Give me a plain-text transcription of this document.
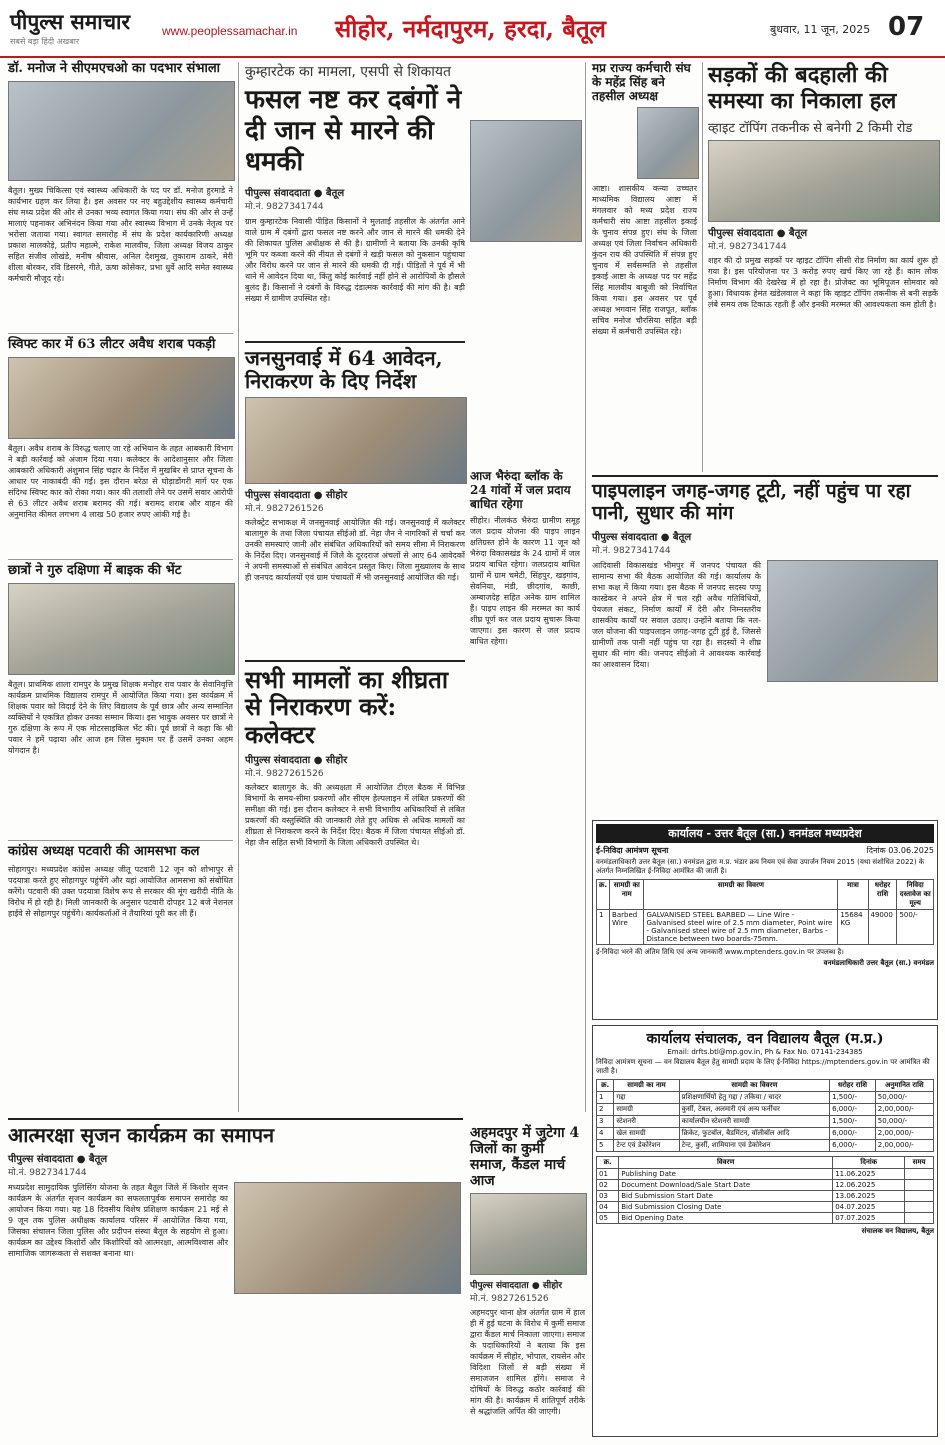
पीपुल्स समाचार
सबसे बड़ा हिंदी अखबार
www.peoplessamachar.in सीहोर, नर्मदापुरम, हरदा, बैतूल	बुधवार, 11 जून, 2025 07
डॉ. मनोज ने सीएमएचओ का पदभार संभाला
बैतूल। मुख्य चिकित्सा एवं स्वास्थ्य अधिकारी के पद पर डॉ. मनोज हुरमाडे ने कार्यभार ग्रहण कर लिया है। इस अवसर पर नए बहुउद्देशीय स्वास्थ्य कर्मचारी संघ मध्य प्रदेश की ओर से उनका भव्य स्वागत किया गया। संघ की ओर से उन्हें मालाएं पहनाकर अभिनंदन किया गया और स्वास्थ्य विभाग में उनके नेतृत्व पर भरोसा जताया गया। स्वागत समारोह में संघ के प्रदेश कार्यकारिणी अध्यक्ष प्रकाश मालकोड़े, प्रतीप महात्मे, राकेश मालवीय, जिला अध्यक्ष विजय ठाकुर सहित संजीव लोखंडे, मनीष श्रीवास, अनिल देशमुख, तुकाराम ठाकरे, मेरी शीला बोरकर, रवि डिसरमे, गीते, ऊषा कोसेकर, प्रभा धुर्वे आदि समेत स्वास्थ्य कर्मचारी मौजूद रहे।
स्विफ्ट कार में 63 लीटर अवैध शराब पकड़ी
बैतूल। अवैध शराब के विरुद्ध चलाए जा रहे अभियान के तहत आबकारी विभाग ने बड़ी कार्रवाई को अंजाम दिया गया। कलेक्टर के आदेशानुसार और जिला आबकारी अधिकारी अंशुमान सिंह चढ़ार के निर्देश में मुखबिर से प्राप्त सूचना के आधार पर नाकाबंदी की गई। इस दौरान बरेठा से घोड़ाडोंगरी मार्ग पर एक संदिग्ध स्विफ्ट कार को रोका गया। कार की तलाशी लेने पर उसमें सवार आरोपी से 63 लीटर अवैध शराब बरामद की गई। बरामद शराब और वाहन की अनुमानित कीमत लगभग 4 लाख 50 हजार रुपए आंकी गई है।
छात्रों ने गुरु दक्षिणा में बाइक की भेंट
बैतूल। प्राथमिक शाला रामपुर के प्रमुख शिक्षक मनोहर राव पवार के सेवानिवृत्ति कार्यक्रम प्राथमिक विद्यालय रामपुर में आयोजित किया गया। इस कार्यक्रम में शिक्षक पवार को विदाई देने के लिए विद्यालय के पूर्व छात्र और अन्य सम्मानित व्यक्तियों ने एकत्रित होकर उनका सम्मान किया। इस भावुक अवसर पर छात्रों ने गुरु दक्षिणा के रूप में एक मोटरसाइकिल भेंट की। पूर्व छात्रों ने कहा कि श्री पवार ने हमें पढ़ाया और आज हम जिस मुकाम पर हैं उसमें उनका अहम योगदान है।
कांग्रेस अध्यक्ष पटवारी की आमसभा कल
सोहागपुर। मध्यप्रदेश कांग्रेस अध्यक्ष जीतू पटवारी 12 जून को शोभापुर से पदयात्रा करते हुए सोहागपुर पहुंचेंगे और यहां आयोजित आमसभा को संबोधित करेंगे। पटवारी की उक्त पदयात्रा विशेष रूप से सरकार की मूंग खरीदी नीति के विरोध में हो रही है। मिली जानकारी के अनुसार पटवारी दोपहर 12 बजे नेशनल हाईवे से सोहागपुर पहुंचेंगे। कार्यकर्ताओं ने तैयारियां पूरी कर ली हैं।
कुम्हारटेक का मामला, एसपी से शिकायत
फसल नष्ट कर दबंगों ने दी जान से मारने की धमकी
पीपुल्स संवाददाता ● बैतूल
मो.नं. 9827341744
ग्राम कुम्हारटेक निवासी पीड़ित किसानों ने मुलताई तहसील के अंतर्गत आने वाले ग्राम में दबंगों द्वारा फसल नष्ट करने और जान से मारने की धमकी देने की शिकायत पुलिस अधीक्षक से की है। ग्रामीणों ने बताया कि उनकी कृषि भूमि पर कब्जा करने की नीयत से दबंगों ने खड़ी फसल को नुकसान पहुंचाया और विरोध करने पर जान से मारने की धमकी दी गई। पीड़ितों ने पूर्व में भी थाने में आवेदन दिया था, किंतु कोई कार्रवाई नहीं होने से आरोपियों के हौसले बुलंद हैं। किसानों ने दबंगों के विरुद्ध दंडात्मक कार्रवाई की मांग की है। बड़ी संख्या में ग्रामीण उपस्थित रहे।
जनसुनवाई में 64 आवेदन, निराकरण के दिए निर्देश
पीपुल्स संवाददाता ● सीहोर
मो.नं. 9827261526
कलेक्ट्रेट सभाकक्ष में जनसुनवाई आयोजित की गई। जनसुनवाई में कलेक्टर बालागुरु के तथा जिला पंचायत सीईओ डॉ. नेहा जैन ने नागरिकों से चर्चा कर उनकी समस्याएं जानी और संबंधित अधिकारियों को समय सीमा में निराकरण के निर्देश दिए। जनसुनवाई में जिले के दूरदराज अंचलों से आए 64 आवेदकों ने अपनी समस्याओं से संबंधित आवेदन प्रस्तुत किए। जिला मुख्यालय के साथ ही जनपद कार्यालयों एवं ग्राम पंचायतों में भी जनसुनवाई आयोजित की गई।
सभी मामलों का शीघ्रता से निराकरण करें: कलेक्टर
पीपुल्स संवाददाता ● सीहोर
मो.नं. 9827261526
कलेक्टर बालागुरु के. की अध्यक्षता में आयोजित टीएल बैठक में विभिन्न विभागों के समय-सीमा प्रकरणों और सीएम हेल्पलाइन में लंबित प्रकरणों की समीक्षा की गई। इस दौरान कलेक्टर ने सभी विभागीय अधिकारियों से लंबित प्रकरणों की वस्तुस्थिति की जानकारी लेते हुए अधिक से अधिक मामलों का शीघ्रता से निराकरण करने के निर्देश दिए। बैठक में जिला पंचायत सीईओ डॉ. नेहा जैन सहित सभी विभागों के जिला अधिकारी उपस्थित थे।
मप्र राज्य कर्मचारी संघ के महेंद्र सिंह बने तहसील अध्यक्ष
आष्टा। शासकीय कन्या उच्चतर माध्यमिक विद्यालय आष्टा में मंगलवार को मध्य प्रदेश राज्य कर्मचारी संघ आष्टा तहसील इकाई के चुनाव संपन्न हुए। संघ के जिला अध्यक्ष एवं जिला निर्वाचन अधिकारी कुंदन राय की उपस्थिति में संपन्न हुए चुनाव में सर्वसम्मति से तहसील इकाई आष्टा के अध्यक्ष पद पर महेंद्र सिंह मालवीय बाबूजी को निर्वाचित किया गया। इस अवसर पर पूर्व अध्यक्ष भगवान सिंह राजपूत, ब्लॉक सचिव मनोज चौरसिया सहित बड़ी संख्या में कर्मचारी उपस्थित रहे।
आज भैरुंदा ब्लॉक के 24 गांवों में जल प्रदाय बाधित रहेगा
सीहोर। नीलकंठ भैरुंदा ग्रामीण समूह जल प्रदाय योजना की पाइप लाइन क्षतिग्रस्त होने के कारण 11 जून को भैरुंदा विकासखंड के 24 ग्रामों में जल प्रदाय बाधित रहेगा। जलप्रदाय बाधित ग्रामों में ग्राम चमेटी, सिंहपुर, खड़गांव, सेवनिया, मंडी, छीदगांव, काछी, अम्बाजदेह सहित अनेक ग्राम शामिल हैं। पाइप लाइन की मरम्मत का कार्य शीघ्र पूर्ण कर जल प्रदाय सुचारू किया जाएगा। इस कारण से जल प्रदाय बाधित रहेगा।
अहमदपुर में जुटेगा 4 जिलों का कुर्मी समाज, कैंडल मार्च आज
पीपुल्स संवाददाता ● सीहोर
मो.नं. 9827261526
अहमदपुर थाना क्षेत्र अंतर्गत ग्राम में हाल ही में हुई घटना के विरोध में कुर्मी समाज द्वारा कैंडल मार्च निकाला जाएगा। समाज के पदाधिकारियों ने बताया कि इस कार्यक्रम में सीहोर, भोपाल, रायसेन और विदिशा जिलों से बड़ी संख्या में समाजजन शामिल होंगे। समाज ने दोषियों के विरुद्ध कठोर कार्रवाई की मांग की है। कार्यक्रम में शांतिपूर्ण तरीके से श्रद्धांजलि अर्पित की जाएगी।
आत्मरक्षा सृजन कार्यक्रम का समापन
पीपुल्स संवाददाता ● बैतूल
मो.नं. 9827341744
मध्यप्रदेश सामुदायिक पुलिसिंग योजना के तहत बैतूल जिले में किशोर सृजन कार्यक्रम के अंतर्गत सृजन कार्यक्रम का सफलतापूर्वक समापन समारोह का आयोजन किया गया। यह 18 दिवसीय विशेष प्रशिक्षण कार्यक्रम 21 मई से 9 जून तक पुलिस अधीक्षक कार्यालय परिसर में आयोजित किया गया, जिसका संचालन जिला पुलिस और प्रदीपन संस्था बैतूल के सहयोग से हुआ। कार्यक्रम का उद्देश्य किशोरों और किशोरियों को आत्मरक्षा, आत्मविश्वास और सामाजिक जागरूकता से सशक्त बनाना था।
सड़कों की बदहाली की समस्या का निकाला हल
व्हाइट टॉपिंग तकनीक से बनेगी 2 किमी रोड
पीपुल्स संवाददाता ● बैतूल
मो.नं. 9827341744
शहर की दो प्रमुख सड़कों पर व्हाइट टॉपिंग सीसी रोड निर्माण का कार्य शुरू हो गया है। इस परियोजना पर 3 करोड़ रुपए खर्च किए जा रहे हैं। काम लोक निर्माण विभाग की देखरेख में हो रहा है। प्रोजेक्ट का भूमिपूजन सोमवार को हुआ। विधायक हेमंत खंडेलवाल ने कहा कि व्हाइट टॉपिंग तकनीक से बनी सड़कें लंबे समय तक टिकाऊ रहती हैं और इनकी मरम्मत की आवश्यकता कम होती है।
पाइपलाइन जगह-जगह टूटी, नहीं पहुंच पा रहा पानी, सुधार की मांग
पीपुल्स संवाददाता ● बैतूल
मो.नं. 9827341744
आदिवासी विकासखंड भीमपुर में जनपद पंचायत की सामान्य सभा की बैठक आयोजित की गई। कार्यालय के सभा कक्ष में किया गया। इस बैठक में जनपद सदस्य पप्पू कास्डेकर ने अपने क्षेत्र में चल रही अवैध गतिविधियों, पेयजल संकट, निर्माण कार्यों में देरी और निम्नस्तरीय शासकीय कार्यों पर सवाल उठाए। उन्होंने बताया कि नल-जल योजना की पाइपलाइन जगह-जगह टूटी हुई है, जिससे ग्रामीणों तक पानी नहीं पहुंच पा रहा है। सदस्यों ने शीघ्र सुधार की मांग की। जनपद सीईओ ने आवश्यक कार्रवाई का आश्वासन दिया।
कार्यालय - उत्तर बैतूल (सा.) वनमंडल मध्यप्रदेश
ई-निविदा आमंत्रण सूचना	दिनांक 03.06.2025
वनमंडलाधिकारी उत्तर बैतूल (सा.) वनमंडल द्वारा म.प्र. भंडार क्रय नियम एवं सेवा उपार्जन नियम 2015 (यथा संशोधित 2022) के अंतर्गत निम्नलिखित ई-निविदा आमंत्रित की जाती है।
क्र.	सामग्री का नाम	सामग्री का विवरण	मात्रा	धरोहर राशि	निविदा दस्तावेज का मूल्य
1	Barbed Wire	GALVANISED STEEL BARBED — Line Wire - Galvanised steel wire of 2.5 mm diameter, Point wire - Galvanised steel wire of 2.5 mm diameter, Barbs - Distance between two boards-75mm.	15684 KG	49000	500/-
ई-निविदा भरने की अंतिम तिथि एवं अन्य जानकारी www.mptenders.gov.in पर उपलब्ध है।
वनमंडलाधिकारी उत्तर बैतूल (सा.) वनमंडल
कार्यालय संचालक, वन विद्यालय बैतूल (म.प्र.)
Email: drfts.btl@mp.gov.in, Ph & Fax No. 07141-234385
निविदा आमंत्रण सूचना — वन विद्यालय बैतूल हेतु सामग्री प्रदाय के लिए ई-निविदा https://mptenders.gov.in पर आमंत्रित की जाती है।
क्र.	सामग्री का नाम	सामग्री का विवरण	धरोहर राशि	अनुमानित राशि
1	गद्दा	प्रशिक्षणार्थियों हेतु गद्दा / तकिया / चादर	1,500/-	50,000/-
2	सामग्री	कुर्सी, टेबल, अलमारी एवं अन्य फर्नीचर	6,000/-	2,00,000/-
3	स्टेशनरी	कार्यालयीन स्टेशनरी सामग्री	1,500/-	50,000/-
4	खेल सामग्री	क्रिकेट, फुटबॉल, बैडमिंटन, वॉलीबॉल आदि	6,000/-	2,00,000/-
5	टेन्ट एवं डेकोरेशन	टेन्ट, कुर्सी, शामियाना एवं डेकोरेशन	6,000/-	2,00,000/-
क्र.	विवरण	दिनांक	समय
01	Publishing Date	11.06.2025	
02	Document Download/Sale Start Date	12.06.2025	
03	Bid Submission Start Date	13.06.2025	
04	Bid Submission Closing Date	04.07.2025	
05	Bid Opening Date	07.07.2025	
संचालक वन विद्यालय, बैतूल
